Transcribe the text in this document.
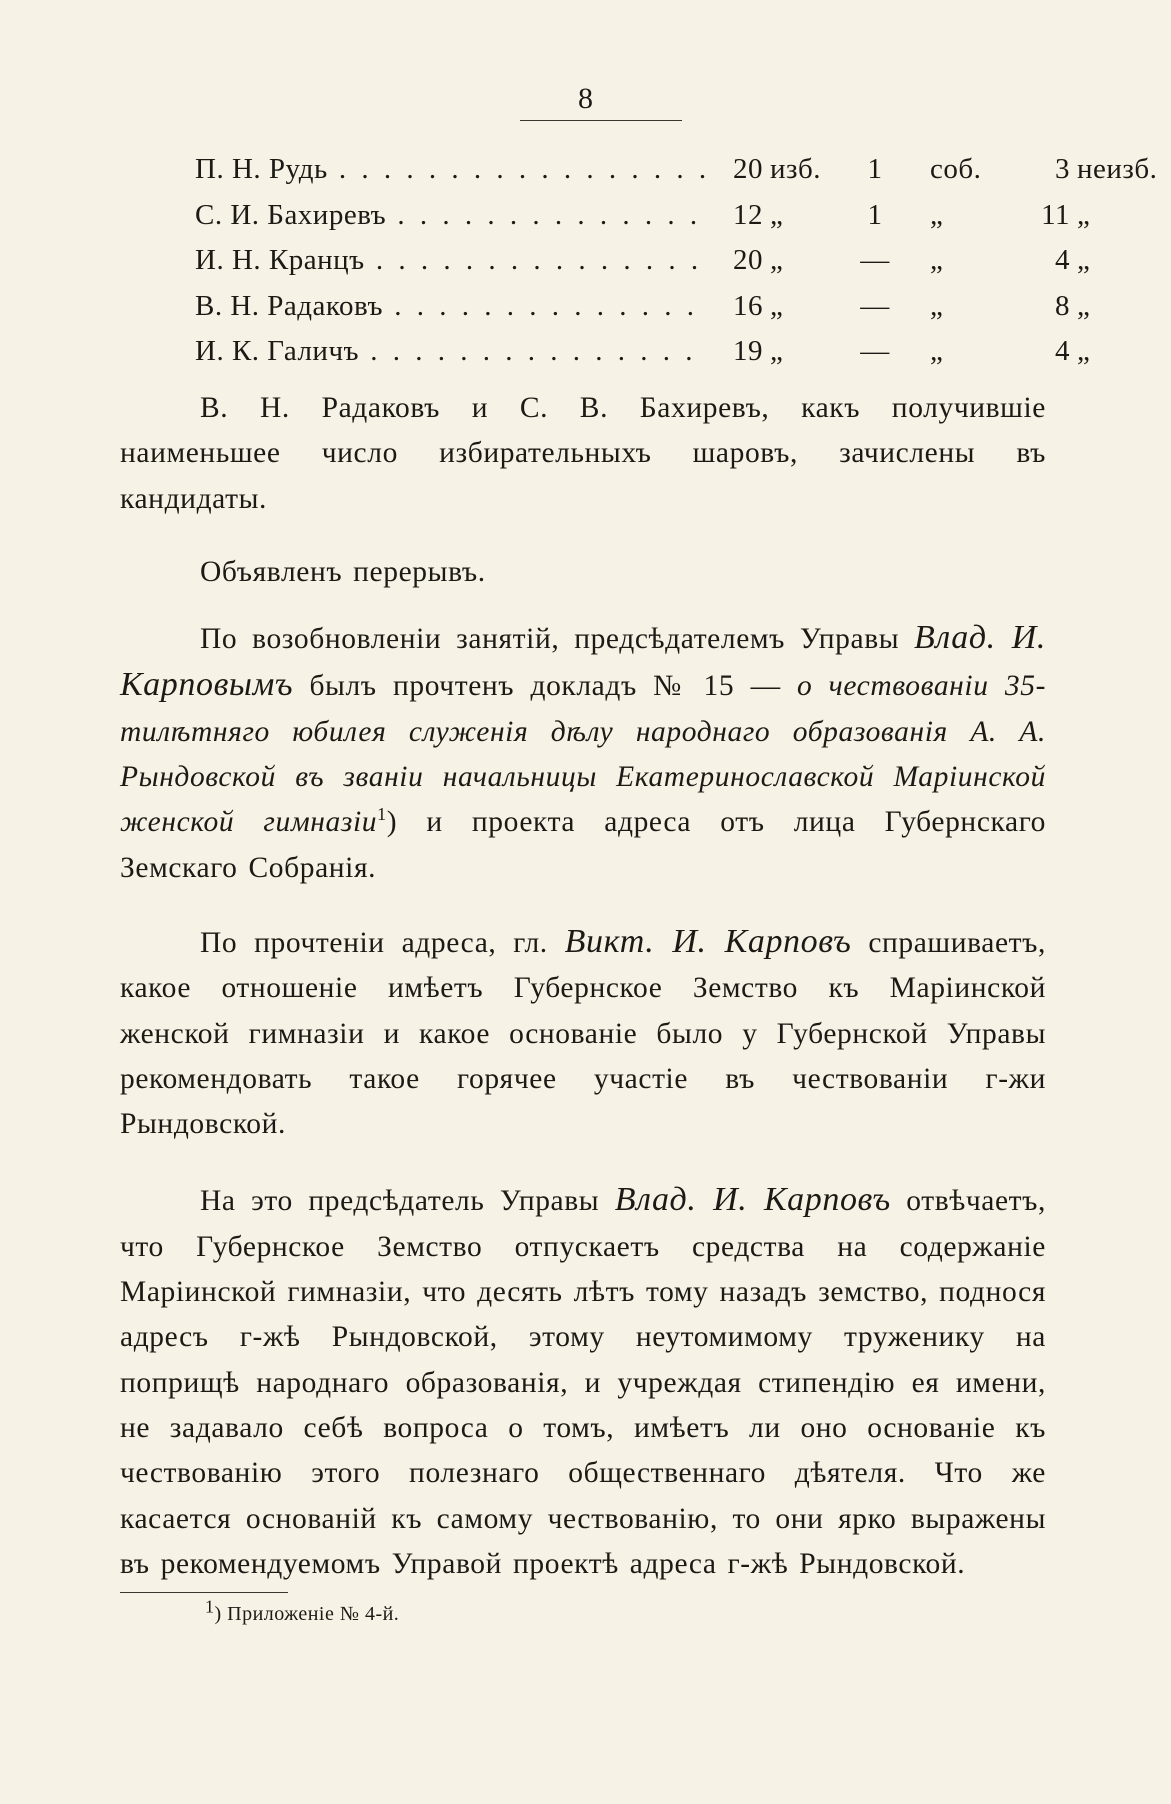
8
П. Н. Рудь . . .	20 изб.	1	соб.	3 неизб.
С. И. Бахиревъ . . .	12 „	1	„	11 „
И. Н. Кранцъ . . .	20 „	—	„	4 „
В. Н. Радаковъ . . .	16 „	—	„	8 „
И. К. Галичъ . . .	19 „	—	„	4 „

В. Н. Радаковъ и С. В. Бахиревъ, какъ получившіе наименьшее число избирательныхъ шаровъ, зачислены въ кандидаты.

Объявленъ перерывъ.

По возобновленіи занятій, предсѣдателемъ Управы Влад. И. Карповымъ былъ прочтенъ докладъ № 15 — о чествованіи 35-тилѣтняго юбилея служенія дѣлу народнаго образованія А. А. Рындовской въ званіи начальницы Екатеринославской Маріинской женской гимназіи$^1$) и проекта адреса отъ лица Губернскаго Земскаго Собранія.

По прочтеніи адреса, гл. Викт. И. Карповъ спрашиваетъ, какое отношеніе имѣетъ Губернское Земство къ Маріинской женской гимназіи и какое основаніе было у Губернской Управы рекомендовать такое горячее участіе въ чествованіи г-жи Рындовской.

На это предсѣдатель Управы Влад. И. Карповъ отвѣчаетъ, что Губернское Земство отпускаетъ средства на содержаніе Маріинской гимназіи, что десять лѣтъ тому назадъ земство, поднося адресъ г-жѣ Рындовской, этому неутомимому труженику на поприщѣ народнаго образованія, и учреждая стипендію ея имени, не задавало себѣ вопроса о томъ, имѣетъ ли оно основаніе къ чествованію этого полезнаго общественнаго дѣятеля. Что же касается основаній къ самому чествованію, то они ярко выражены въ рекомендуемомъ Управой проектѣ адреса г-жѣ Рындовской.

$^1$) Приложеніе № 4-й.
